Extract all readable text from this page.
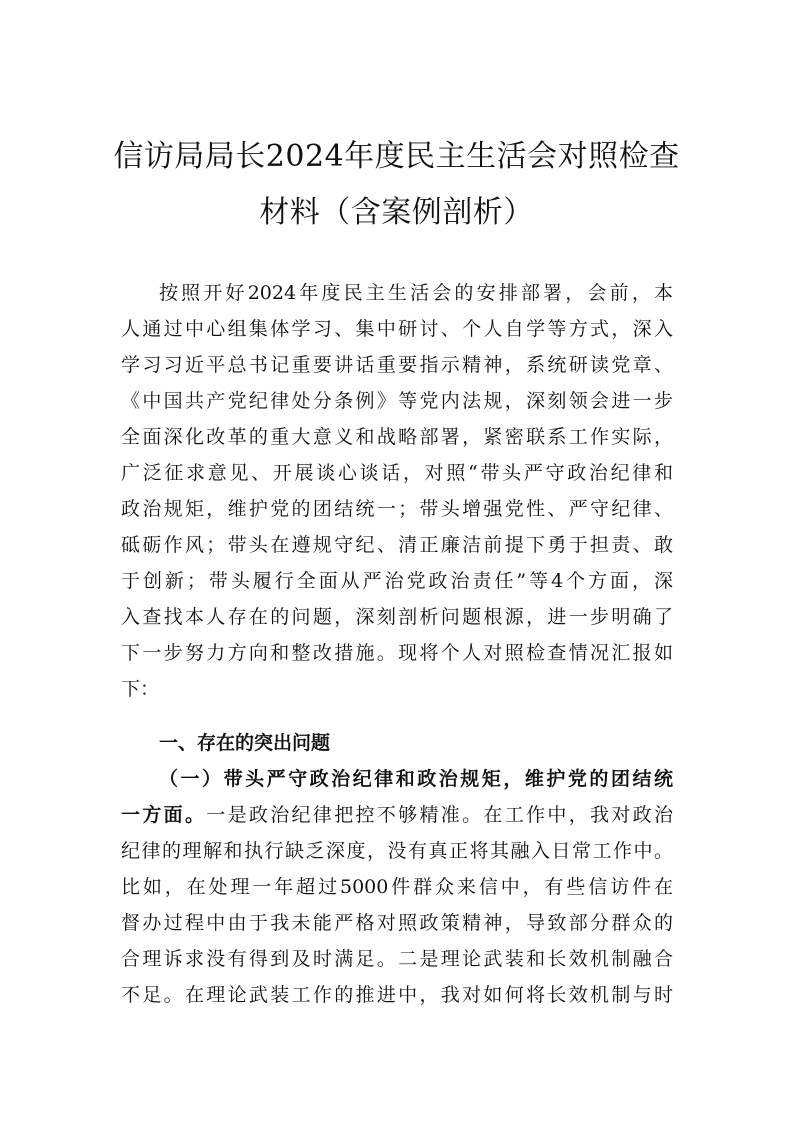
信访局局长2024年度民主生活会对照检查
材料（含案例剖析）
按照开好2024年度民主生活会的安排部署，会前，本
人通过中心组集体学习、集中研讨、个人自学等方式，深入
学习习近平总书记重要讲话重要指示精神，系统研读党章、
《中国共产党纪律处分条例》等党内法规，深刻领会进一步
全面深化改革的重大意义和战略部署，紧密联系工作实际，
广泛征求意见、开展谈心谈话，对照“带头严守政治纪律和
政治规矩，维护党的团结统一；带头增强党性、严守纪律、
砥砺作风；带头在遵规守纪、清正廉洁前提下勇于担责、敢
于创新；带头履行全面从严治党政治责任”等4个方面，深
入查找本人存在的问题，深刻剖析问题根源，进一步明确了
下一步努力方向和整改措施。现将个人对照检查情况汇报如
下：
一、存在的突出问题
（一）带头严守政治纪律和政治规矩，维护党的团结统
一方面。一是政治纪律把控不够精准。在工作中，我对政治
纪律的理解和执行缺乏深度，没有真正将其融入日常工作中。
比如，在处理一年超过5000件群众来信中，有些信访件在
督办过程中由于我未能严格对照政策精神，导致部分群众的
合理诉求没有得到及时满足。二是理论武装和长效机制融合
不足。在理论武装工作的推进中，我对如何将长效机制与时
